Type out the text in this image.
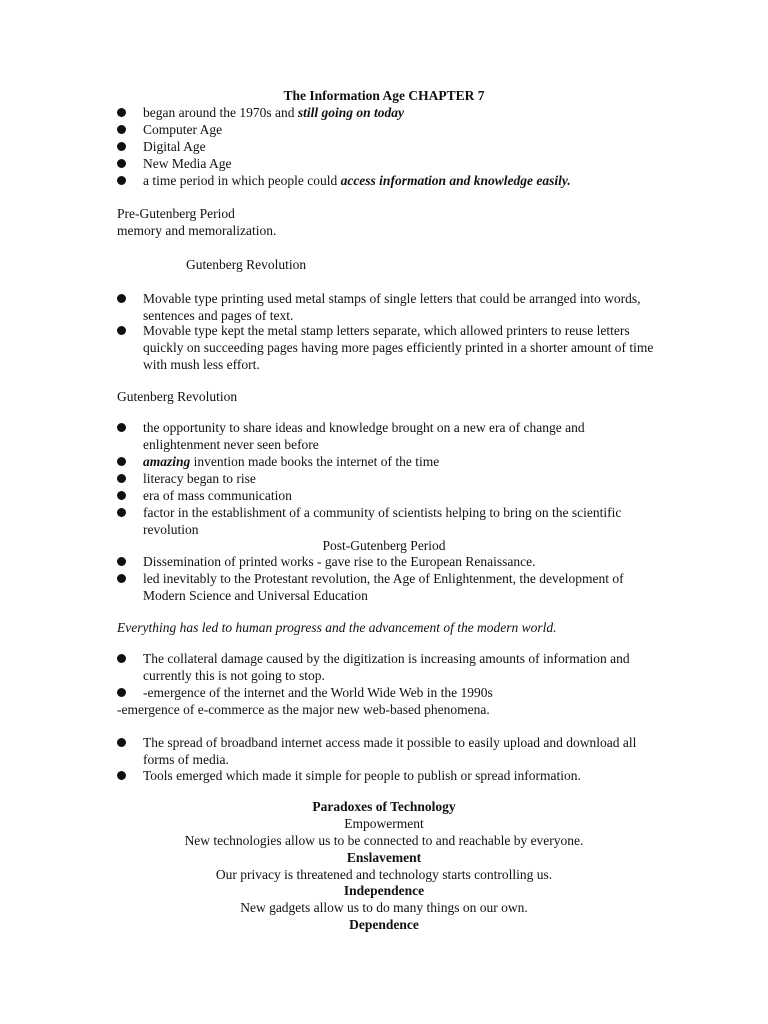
The Information Age CHAPTER 7
began around the 1970s and still going on today
Computer Age
Digital Age
New Media Age
a time period in which people could access information and knowledge easily.
Pre-Gutenberg Period
memory and memoralization.
Gutenberg Revolution
Movable type printing used metal stamps of single letters that could be arranged into words, sentences and pages of text.
Movable type kept the metal stamp letters separate, which allowed printers to reuse letters quickly on succeeding pages having more pages efficiently printed in a shorter amount of time with mush less effort.
Gutenberg Revolution
the opportunity to share ideas and knowledge brought on a new era of change and enlightenment never seen before
amazing invention made books the internet of the time
literacy began to rise
era of mass communication
factor in the establishment of a community of scientists helping to bring on the scientific revolution
Post-Gutenberg Period
Dissemination of printed works - gave rise to the European Renaissance.
led inevitably to the Protestant revolution, the Age of Enlightenment, the development of Modern Science and Universal Education
Everything has led to human progress and the advancement of the modern world.
The collateral damage caused by the digitization is increasing amounts of information and currently this is not going to stop.
-emergence of the internet and the World Wide Web in the 1990s
-emergence of e-commerce as the major new web-based phenomena.
The spread of broadband internet access made it possible to easily upload and download all forms of media.
Tools emerged which made it simple for people to publish or spread information.
Paradoxes of Technology
Empowerment
New technologies allow us to be connected to and reachable by everyone.
Enslavement
Our privacy is threatened and technology starts controlling us.
Independence
New gadgets allow us to do many things on our own.
Dependence
